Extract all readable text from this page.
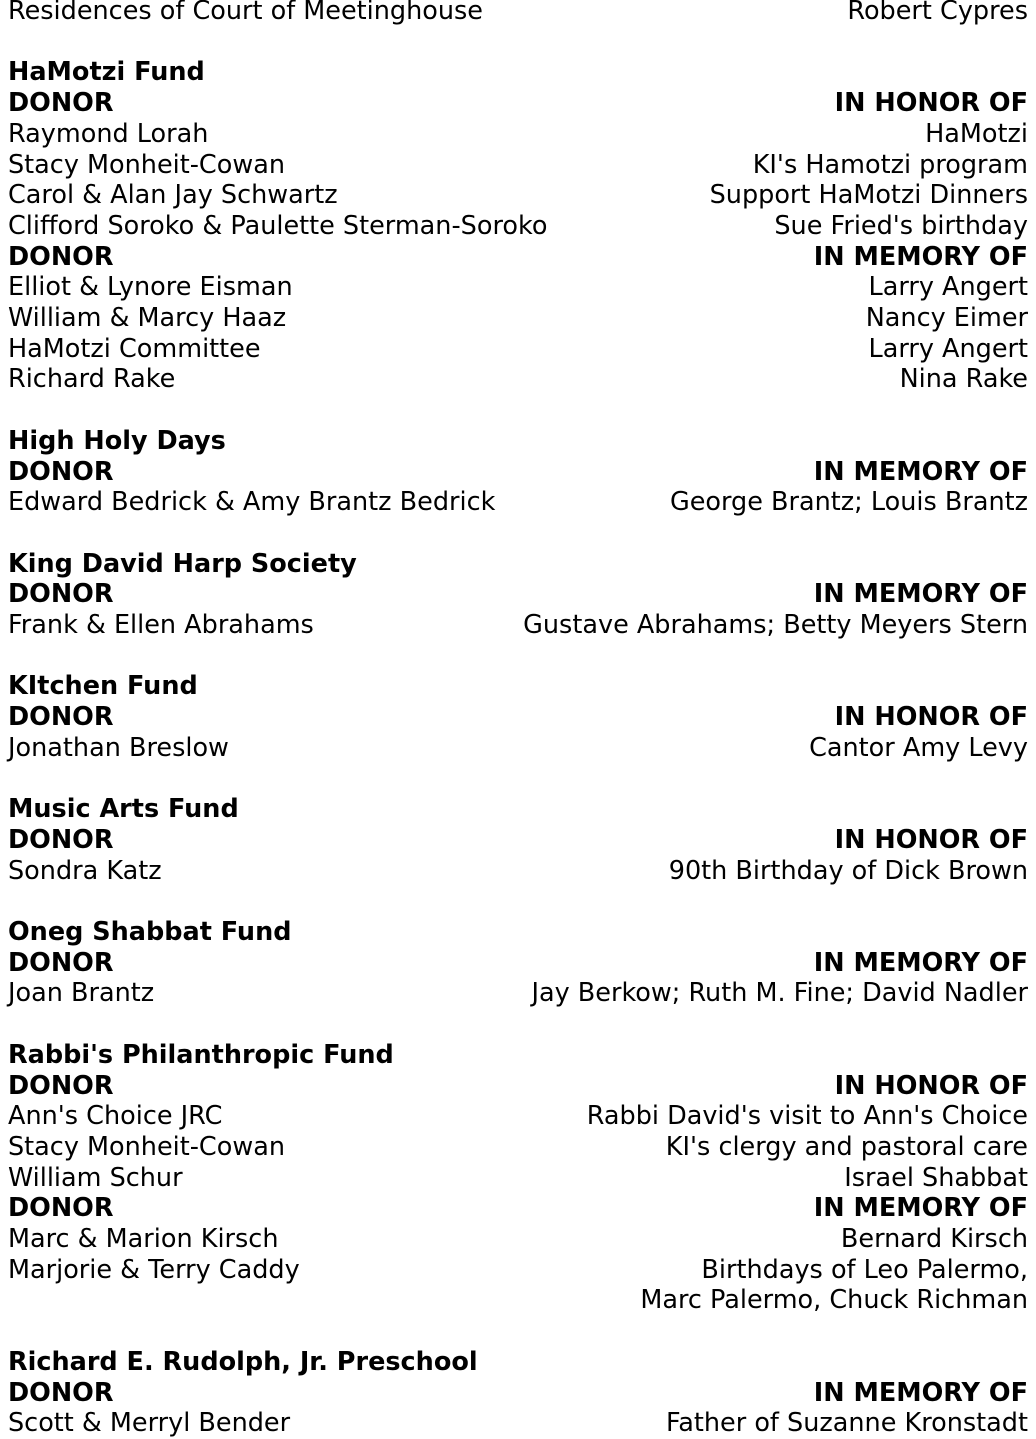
Residences of Court of Meetinghouse	Robert Cypres
HaMotzi Fund
DONOR	IN HONOR OF
Raymond Lorah	HaMotzi
Stacy Monheit-Cowan	KI's Hamotzi program
Carol & Alan Jay Schwartz	Support HaMotzi Dinners
Clifford Soroko & Paulette Sterman-Soroko	Sue Fried's birthday
DONOR	IN MEMORY OF
Elliot & Lynore Eisman	Larry Angert
William & Marcy Haaz	Nancy Eimer
HaMotzi Committee	Larry Angert
Richard Rake	Nina Rake
High Holy Days
DONOR	IN MEMORY OF
Edward Bedrick & Amy Brantz Bedrick	George Brantz; Louis Brantz
King David Harp Society
DONOR	IN MEMORY OF
Frank & Ellen Abrahams	Gustave Abrahams; Betty Meyers Stern
KItchen Fund
DONOR	IN HONOR OF
Jonathan Breslow	Cantor Amy Levy
Music Arts Fund
DONOR	IN HONOR OF
Sondra Katz	90th Birthday of Dick Brown
Oneg Shabbat Fund
DONOR	IN MEMORY OF
Joan Brantz	Jay Berkow; Ruth M. Fine; David Nadler
Rabbi's Philanthropic Fund
DONOR	IN HONOR OF
Ann's Choice JRC	Rabbi David's visit to Ann's Choice
Stacy Monheit-Cowan	KI's clergy and pastoral care
William Schur	Israel Shabbat
DONOR	IN MEMORY OF
Marc & Marion Kirsch	Bernard Kirsch
Marjorie & Terry Caddy	Birthdays of Leo Palermo,
Marc Palermo, Chuck Richman
Richard E. Rudolph, Jr. Preschool
DONOR	IN MEMORY OF
Scott & Merryl Bender	Father of Suzanne Kronstadt
